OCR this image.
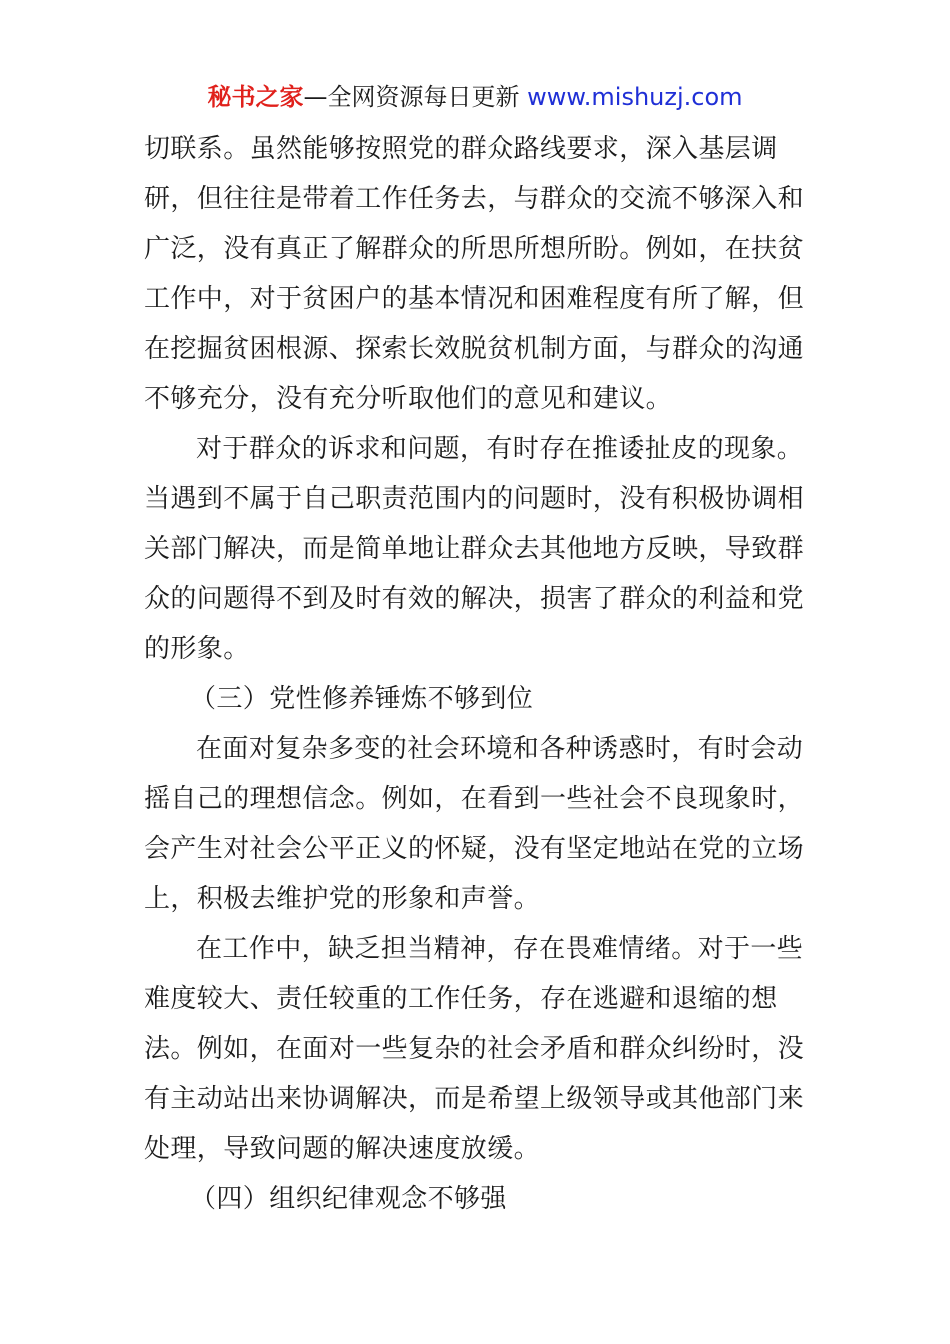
秘书之家—全网资源每日更新 www.mishuzj.com
切联系。虽然能够按照党的群众路线要求，深入基层调
研，但往往是带着工作任务去，与群众的交流不够深入和
广泛，没有真正了解群众的所思所想所盼。例如，在扶贫
工作中，对于贫困户的基本情况和困难程度有所了解，但
在挖掘贫困根源、探索长效脱贫机制方面，与群众的沟通
不够充分，没有充分听取他们的意见和建议。
对于群众的诉求和问题，有时存在推诿扯皮的现象。
当遇到不属于自己职责范围内的问题时，没有积极协调相
关部门解决，而是简单地让群众去其他地方反映，导致群
众的问题得不到及时有效的解决，损害了群众的利益和党
的形象。
（三）党性修养锤炼不够到位
在面对复杂多变的社会环境和各种诱惑时，有时会动
摇自己的理想信念。例如，在看到一些社会不良现象时，
会产生对社会公平正义的怀疑，没有坚定地站在党的立场
上，积极去维护党的形象和声誉。
在工作中，缺乏担当精神，存在畏难情绪。对于一些
难度较大、责任较重的工作任务，存在逃避和退缩的想
法。例如，在面对一些复杂的社会矛盾和群众纠纷时，没
有主动站出来协调解决，而是希望上级领导或其他部门来
处理，导致问题的解决速度放缓。
（四）组织纪律观念不够强
